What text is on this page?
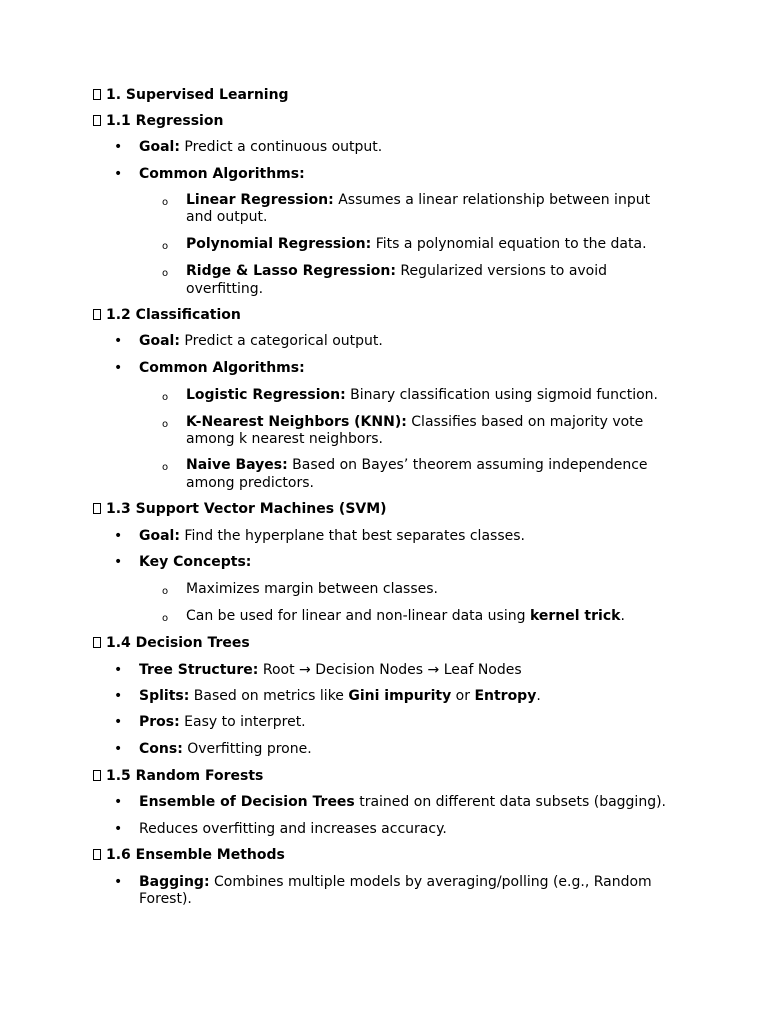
1. Supervised Learning
1.1 Regression
•
Goal: Predict a continuous output.
•
Common Algorithms:
o
Linear Regression: Assumes a linear relationship between input
and output.
o
Polynomial Regression: Fits a polynomial equation to the data.
o
Ridge & Lasso Regression: Regularized versions to avoid
overfitting.
1.2 Classification
•
Goal: Predict a categorical output.
•
Common Algorithms:
o
Logistic Regression: Binary classification using sigmoid function.
o
K-Nearest Neighbors (KNN): Classifies based on majority vote
among k nearest neighbors.
o
Naive Bayes: Based on Bayes’ theorem assuming independence
among predictors.
1.3 Support Vector Machines (SVM)
•
Goal: Find the hyperplane that best separates classes.
•
Key Concepts:
o
Maximizes margin between classes.
o
Can be used for linear and non-linear data using kernel trick.
1.4 Decision Trees
•
Tree Structure: Root → Decision Nodes → Leaf Nodes
•
Splits: Based on metrics like Gini impurity or Entropy.
•
Pros: Easy to interpret.
•
Cons: Overfitting prone.
1.5 Random Forests
•
Ensemble of Decision Trees trained on different data subsets (bagging).
•
Reduces overfitting and increases accuracy.
1.6 Ensemble Methods
•
Bagging: Combines multiple models by averaging/polling (e.g., Random
Forest).
